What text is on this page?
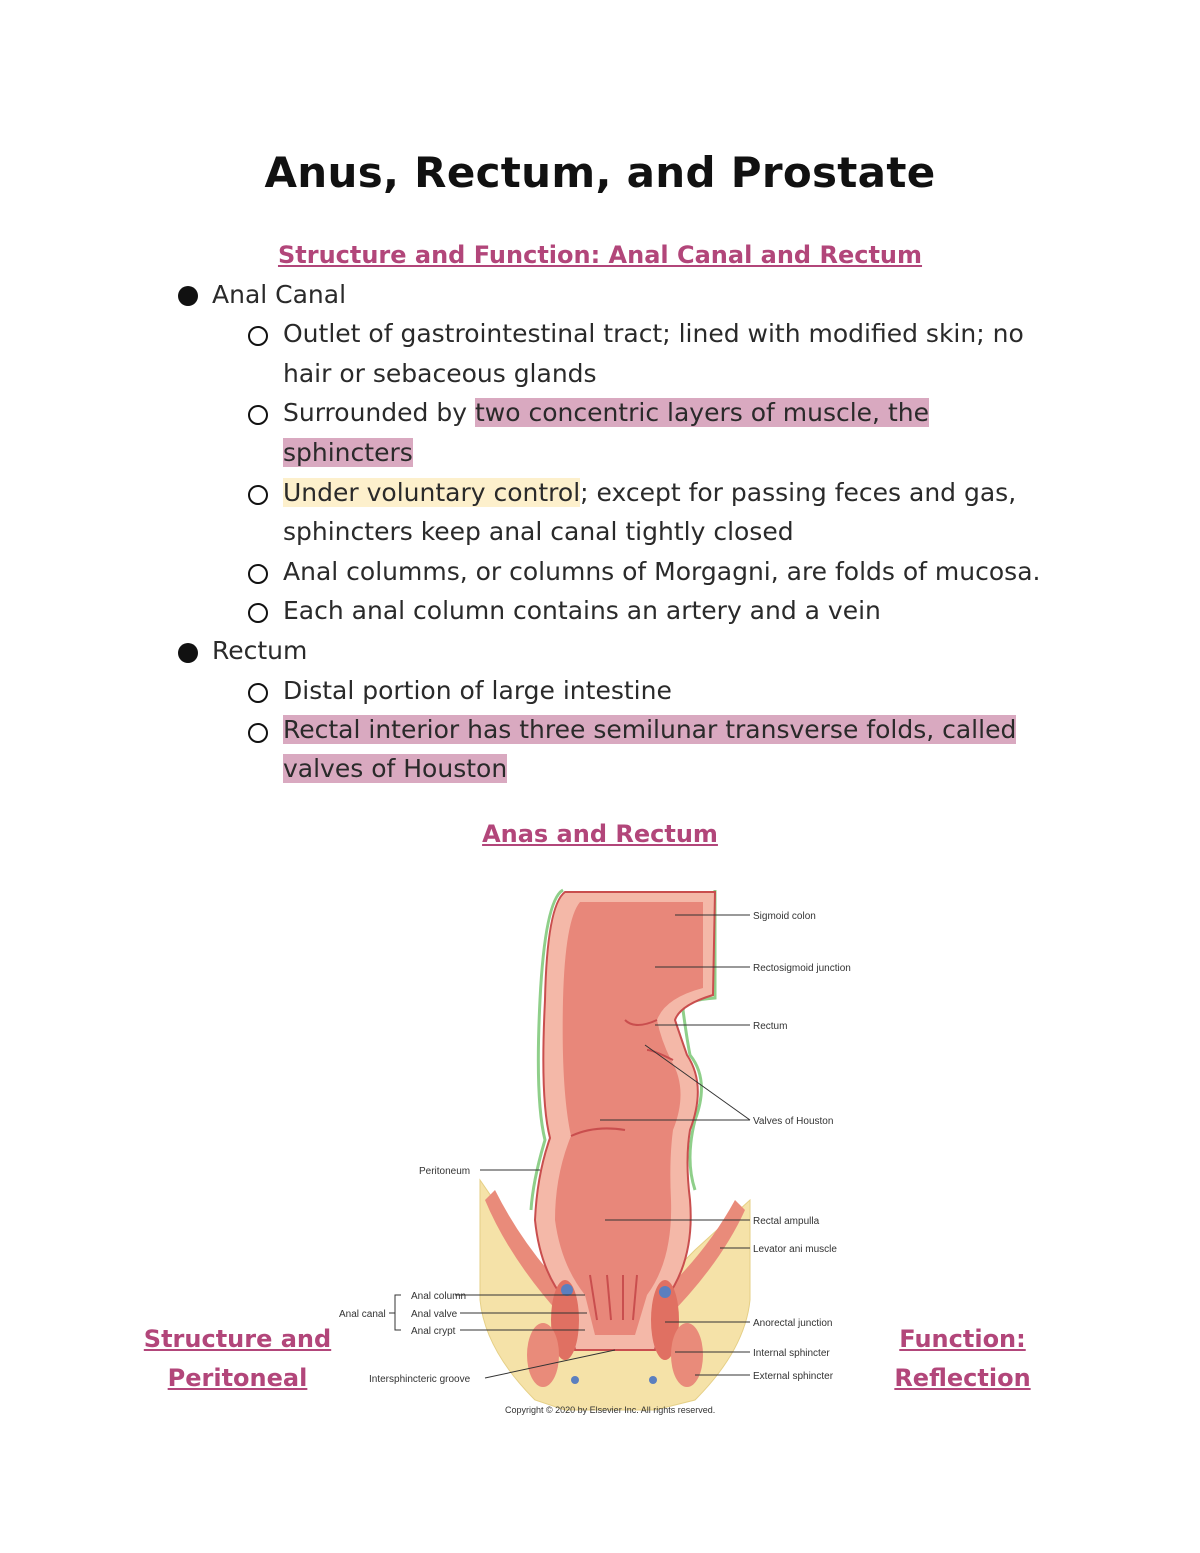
Anus, Rectum, and Prostate
Structure and Function: Anal Canal and Rectum
Anal Canal
Outlet of gastrointestinal tract; lined with modified skin; no
hair or sebaceous glands
Surrounded by two concentric layers of muscle, the
sphincters
Under voluntary control; except for passing feces and gas,
sphincters keep anal canal tightly closed
Anal columms, or columns of Morgagni, are folds of mucosa.
Each anal column contains an artery and a vein
Rectum
Distal portion of large intestine
Rectal interior has three semilunar transverse folds, called
valves of Houston
Anas and Rectum
Structure and
Peritoneal
Function:
Reflection
Sigmoid colon
Rectosigmoid junction
Rectum
Valves of Houston
Peritoneum
Rectal ampulla
Levator ani muscle
Anal canal
Anal column
Anal valve
Anal crypt
Anorectal junction
Internal sphincter
External sphincter
Intersphincteric groove
Copyright © 2020 by Elsevier Inc. All rights reserved.
